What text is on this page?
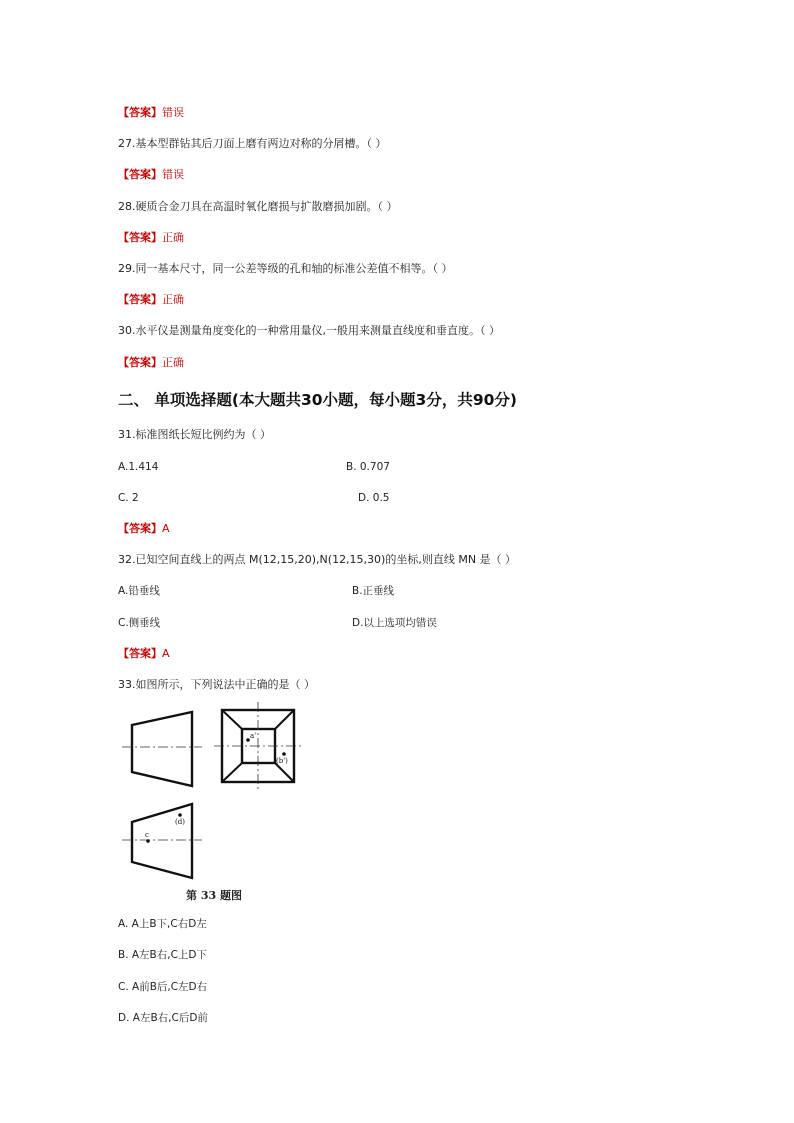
【答案】错误
27.基本型群钻其后刀面上磨有两边对称的分屑槽。（ ）
【答案】错误
28.硬质合金刀具在高温时氧化磨损与扩散磨损加剧。（ ）
【答案】正确
29.同一基本尺寸，同一公差等级的孔和轴的标准公差值不相等。（ ）
【答案】正确
30.水平仪是测量角度变化的一种常用量仪,一般用来测量直线度和垂直度。（ ）
【答案】正确
二、 单项选择题(本大题共30小题，每小题3分，共90分)
31.标准图纸长短比例约为（ ）
A.1.414	B. 0.707
C. 2	D. 0.5
【答案】A
32.已知空间直线上的两点 M(12,15,20),N(12,15,30)的坐标,则直线 MN 是（ ）
A.铅垂线	B.正垂线
C.侧垂线	D.以上选项均错误
【答案】A
33.如图所示，下列说法中正确的是（ ）
a'
(b')
c
(d)
第 33 题图
A. A上B下,C右D左
B. A左B右,C上D下
C. A前B后,C左D右
D. A左B右,C后D前
